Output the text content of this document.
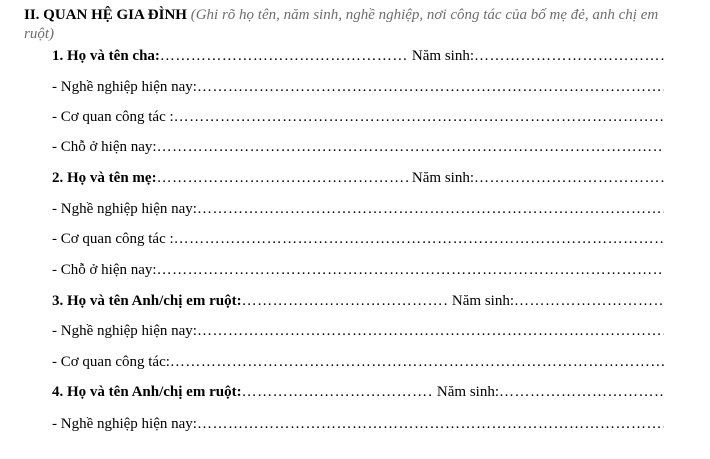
II. QUAN HỆ GIA ĐÌNH (Ghi rõ họ tên, năm sinh, nghề nghiệp, nơi công tác của bố mẹ đẻ, anh chị em ruột)
1. Họ và tên cha: …………………………………………………………………………………………………………………………………………………………	Năm sinh:
…………………………………………………………………………………………………………………………………………………………
- Nghề nghiệp hiện nay:
…………………………………………………………………………………………………………………………………………………………
- Cơ quan công tác :
…………………………………………………………………………………………………………………………………………………………
- Chỗ ở hiện nay:
…………………………………………………………………………………………………………………………………………………………
2. Họ và tên mẹ: …………………………………………………………………………………………………………………………………………………………	Năm sinh:
…………………………………………………………………………………………………………………………………………………………
- Nghề nghiệp hiện nay:
…………………………………………………………………………………………………………………………………………………………
- Cơ quan công tác :
…………………………………………………………………………………………………………………………………………………………
- Chỗ ở hiện nay:
…………………………………………………………………………………………………………………………………………………………
3. Họ và tên Anh/chị em ruột: …………………………………………………………………………………………………………………………………………………………	Năm sinh:
…………………………………………………………………………………………………………………………………………………………
- Nghề nghiệp hiện nay:
…………………………………………………………………………………………………………………………………………………………
- Cơ quan công tác:
…………………………………………………………………………………………………………………………………………………………
4. Họ và tên Anh/chị em ruột: …………………………………………………………………………………………………………………………………………………………	Năm sinh:
…………………………………………………………………………………………………………………………………………………………
- Nghề nghiệp hiện nay:
…………………………………………………………………………………………………………………………………………………………
